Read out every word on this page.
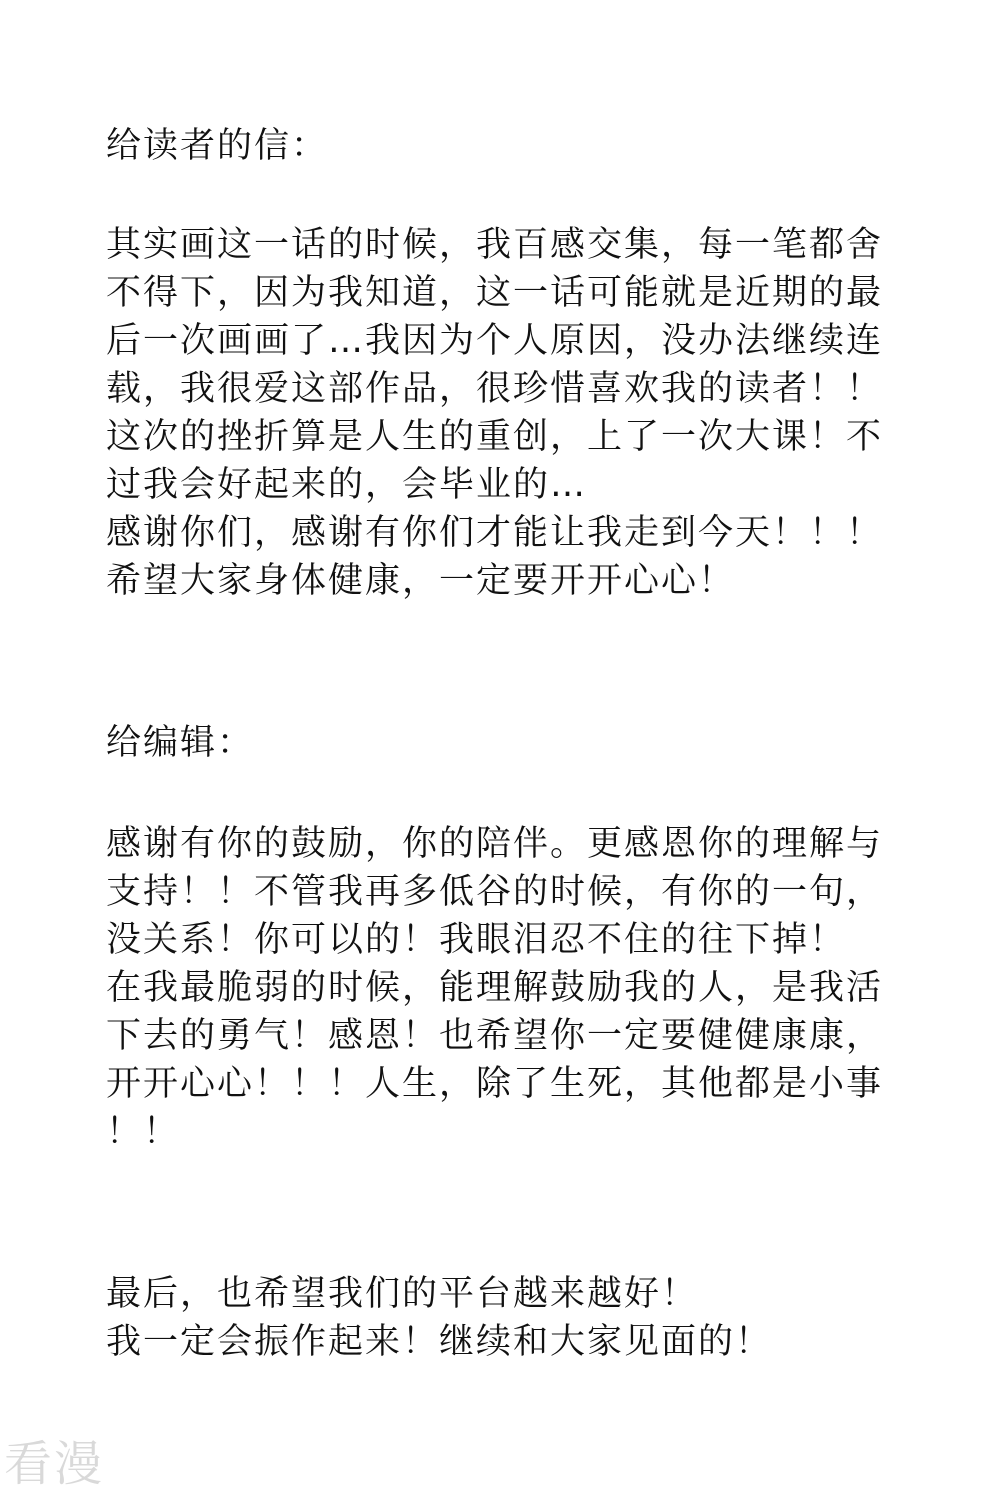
给读者的信：
其实画这一话的时候，我百感交集，每一笔都舍
不得下，因为我知道，这一话可能就是近期的最
后一次画画了…我因为个人原因，没办法继续连
载，我很爱这部作品，很珍惜喜欢我的读者！！
这次的挫折算是人生的重创，上了一次大课！不
过我会好起来的，会毕业的…
感谢你们，感谢有你们才能让我走到今天！！！
希望大家身体健康，一定要开开心心！
给编辑：
感谢有你的鼓励，你的陪伴。更感恩你的理解与
支持！！不管我再多低谷的时候，有你的一句，
没关系！你可以的！我眼泪忍不住的往下掉！
在我最脆弱的时候，能理解鼓励我的人，是我活
下去的勇气！感恩！也希望你一定要健健康康，
开开心心！！！人生，除了生死，其他都是小事
！！
最后，也希望我们的平台越来越好！
我一定会振作起来！继续和大家见面的！
看漫
